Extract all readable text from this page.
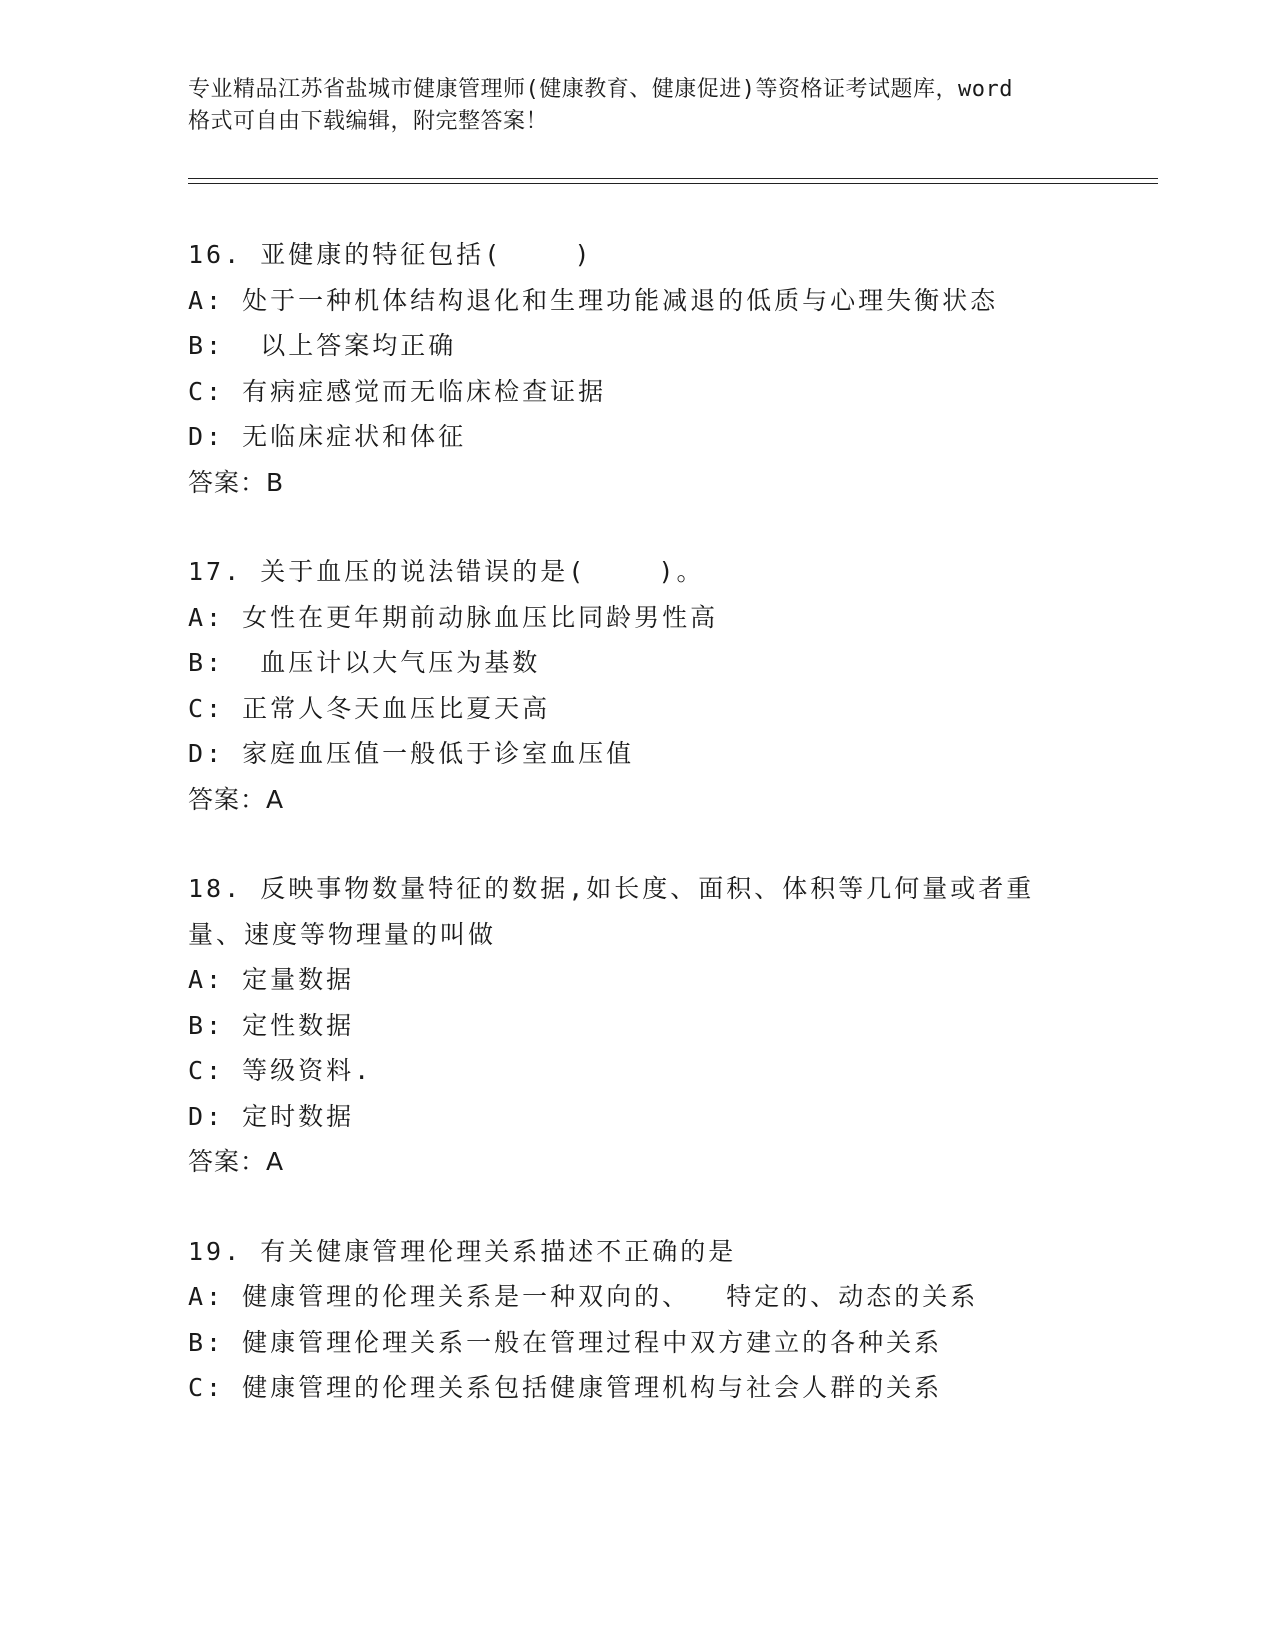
专业精品江苏省盐城市健康管理师(健康教育、健康促进)等资格证考试题库，word
格式可自由下载编辑，附完整答案！
16. 亚健康的特征包括(    )
A: 处于一种机体结构退化和生理功能减退的低质与心理失衡状态
B:  以上答案均正确
C: 有病症感觉而无临床检查证据
D: 无临床症状和体征
答案：B
17. 关于血压的说法错误的是(    )。
A: 女性在更年期前动脉血压比同龄男性高
B:  血压计以大气压为基数
C: 正常人冬天血压比夏天高
D: 家庭血压值一般低于诊室血压值
答案：A
18. 反映事物数量特征的数据,如长度、面积、体积等几何量或者重量、速度等物理量的叫做
A: 定量数据
B: 定性数据
C: 等级资料.
D: 定时数据
答案：A
19. 有关健康管理伦理关系描述不正确的是
A: 健康管理的伦理关系是一种双向的、  特定的、动态的关系
B: 健康管理伦理关系一般在管理过程中双方建立的各种关系
C: 健康管理的伦理关系包括健康管理机构与社会人群的关系
